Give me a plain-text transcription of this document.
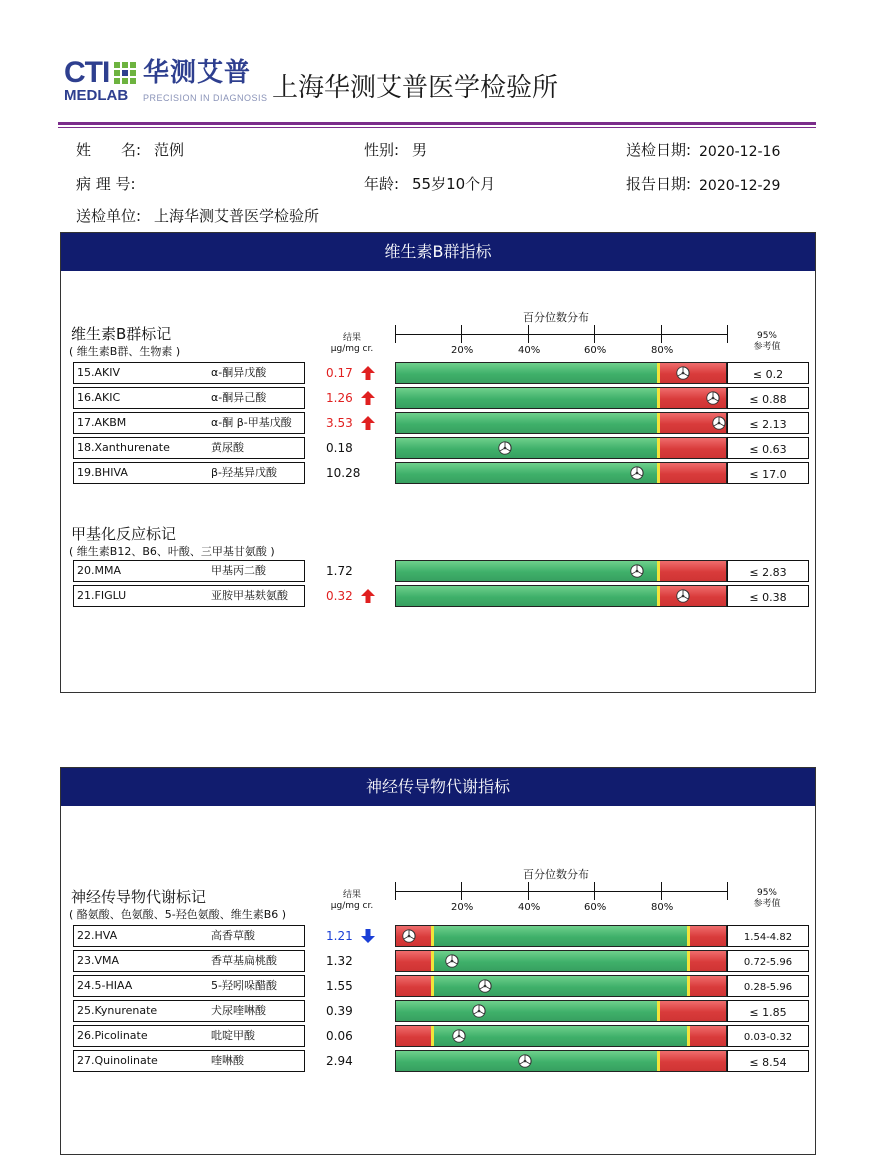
CTI 华测艾普
MEDLAB PRECISION IN DIAGNOSIS 上海华测艾普医学检验所
姓　　名: 范例	性别: 男	送检日期: 2020-12-16
病 理 号:	年龄: 55岁10个月	报告日期: 2020-12-29
送检单位: 上海华测艾普医学检验所
维生素B群指标
百分位数分布
20%	40%	60%	80%
结果
μg/mg cr.
95%
参考值
维生素B群标记
( 维生素B群、生物素 )
15.AKIV	α-酮异戊酸	0.17	≤ 0.2
16.AKIC	α-酮异己酸	1.26	≤ 0.88
17.AKBM	α-酮 β-甲基戊酸	3.53	≤ 2.13
18.Xanthurenate	黄尿酸	0.18	≤ 0.63
19.BHIVA	β-羟基异戊酸	10.28	≤ 17.0
甲基化反应标记
( 维生素B12、B6、叶酸、三甲基甘氨酸 )
20.MMA	甲基丙二酸	1.72	≤ 2.83
21.FIGLU	亚胺甲基麸氨酸	0.32	≤ 0.38
神经传导物代谢指标
百分位数分布
20%	40%	60%	80%
结果
μg/mg cr.
95%
参考值
神经传导物代谢标记
( 酪氨酸、色氨酸、5-羟色氨酸、维生素B6 )
22.HVA	高香草酸	1.21	1.54-4.82
23.VMA	香草基扁桃酸	1.32	0.72-5.96
24.5-HIAA	5-羟吲哚醋酸	1.55	0.28-5.96
25.Kynurenate	犬尿喹啉酸	0.39	≤ 1.85
26.Picolinate	吡啶甲酸	0.06	0.03-0.32
27.Quinolinate	喹啉酸	2.94	≤ 8.54
